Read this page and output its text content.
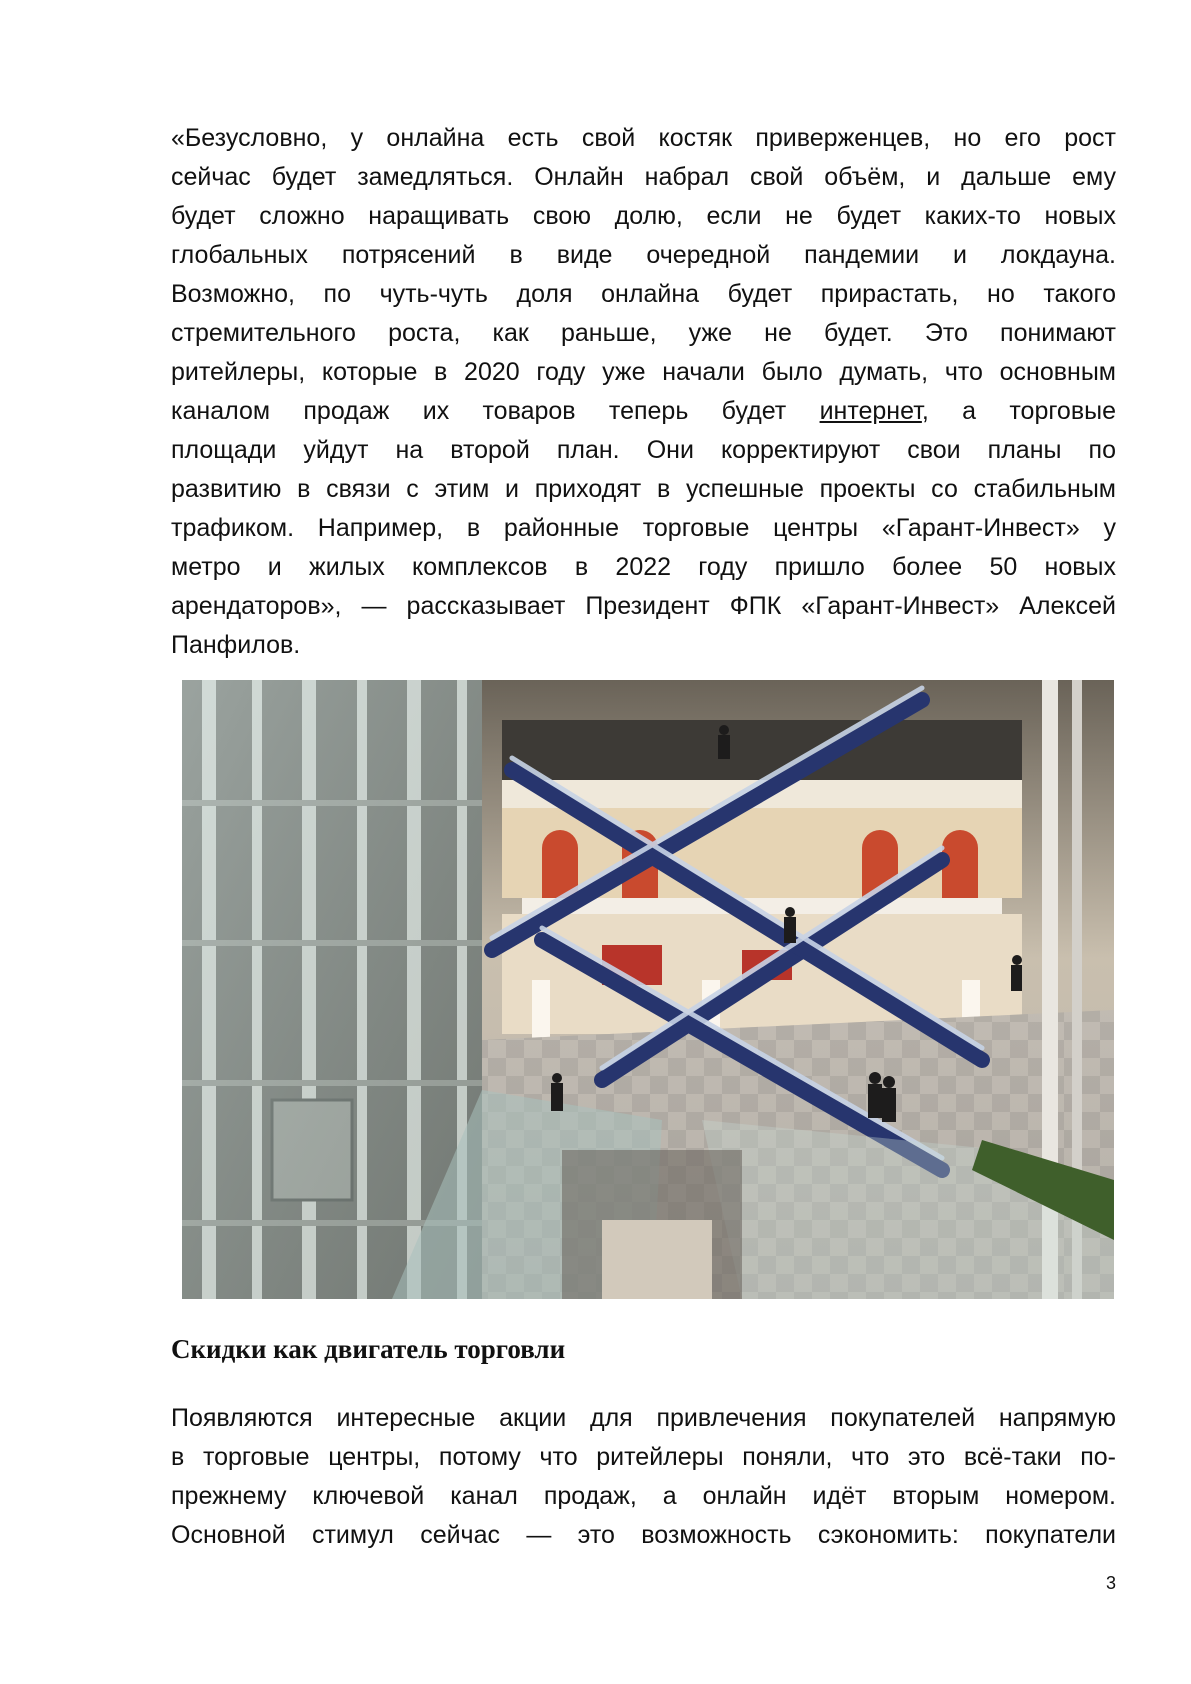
«Безусловно, у онлайна есть свой костяк приверженцев, но его рост
сейчас будет замедляться. Онлайн набрал свой объём, и дальше ему
будет сложно наращивать свою долю, если не будет каких-то новых
глобальных потрясений в виде очередной пандемии и локдауна.
Возможно, по чуть-чуть доля онлайна будет прирастать, но такого
стремительного роста, как раньше, уже не будет. Это понимают
ритейлеры, которые в 2020 году уже начали было думать, что основным
каналом продаж их товаров теперь будет интернет, а торговые
площади уйдут на второй план. Они корректируют свои планы по
развитию в связи с этим и приходят в успешные проекты со стабильным
трафиком. Например, в районные торговые центры «Гарант-Инвест» у
метро и жилых комплексов в 2022 году пришло более 50 новых
арендаторов», — рассказывает Президент ФПК «Гарант-Инвест» Алексей
Панфилов.
Скидки как двигатель торговли
Появляются интересные акции для привлечения покупателей напрямую
в торговые центры, потому что ритейлеры поняли, что это всё-таки по-
прежнему ключевой канал продаж, а онлайн идёт вторым номером.
Основной стимул сейчас — это возможность сэкономить: покупатели
3
